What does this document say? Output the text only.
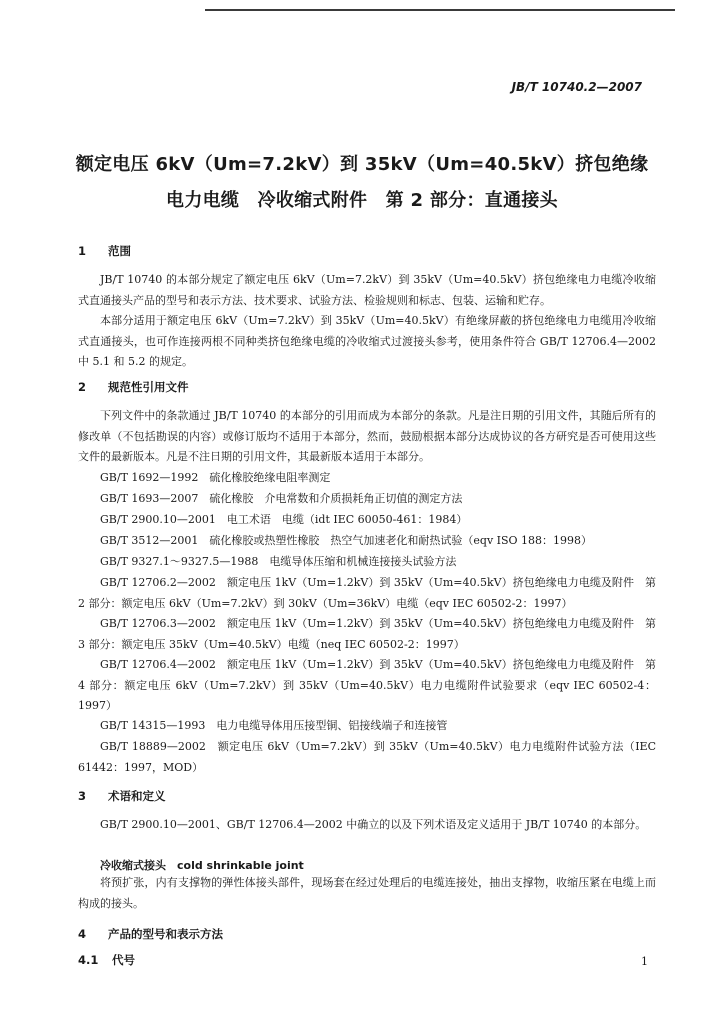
JB/T 10740.2—2007
额定电压 6kV（Um=7.2kV）到 35kV（Um=40.5kV）挤包绝缘
电力电缆　冷收缩式附件　第 2 部分：直通接头
1 范围
JB/T 10740 的本部分规定了额定电压 6kV（Um=7.2kV）到 35kV（Um=40.5kV）挤包绝缘电力电缆冷收缩式直通接头产品的型号和表示方法、技术要求、试验方法、检验规则和标志、包装、运输和贮存。
本部分适用于额定电压 6kV（Um=7.2kV）到 35kV（Um=40.5kV）有绝缘屏蔽的挤包绝缘电力电缆用冷收缩式直通接头，也可作连接两根不同种类挤包绝缘电缆的冷收缩式过渡接头参考，使用条件符合 GB/T 12706.4—2002 中 5.1 和 5.2 的规定。
2 规范性引用文件
下列文件中的条款通过 JB/T 10740 的本部分的引用而成为本部分的条款。凡是注日期的引用文件，其随后所有的修改单（不包括勘误的内容）或修订版均不适用于本部分，然而，鼓励根据本部分达成协议的各方研究是否可使用这些文件的最新版本。凡是不注日期的引用文件，其最新版本适用于本部分。
GB/T 1692—1992　硫化橡胶绝缘电阻率测定
GB/T 1693—2007　硫化橡胶　介电常数和介质损耗角正切值的测定方法
GB/T 2900.10—2001　电工术语　电缆（idt IEC 60050-461：1984）
GB/T 3512—2001　硫化橡胶或热塑性橡胶　热空气加速老化和耐热试验（eqv ISO 188：1998）
GB/T 9327.1～9327.5—1988　电缆导体压缩和机械连接接头试验方法
GB/T 12706.2—2002　额定电压 1kV（Um=1.2kV）到 35kV（Um=40.5kV）挤包绝缘电力电缆及附件　第 2 部分：额定电压 6kV（Um=7.2kV）到 30kV（Um=36kV）电缆（eqv IEC 60502-2：1997）
GB/T 12706.3—2002　额定电压 1kV（Um=1.2kV）到 35kV（Um=40.5kV）挤包绝缘电力电缆及附件　第 3 部分：额定电压 35kV（Um=40.5kV）电缆（neq IEC 60502-2：1997）
GB/T 12706.4—2002　额定电压 1kV（Um=1.2kV）到 35kV（Um=40.5kV）挤包绝缘电力电缆及附件　第 4 部分：额定电压 6kV（Um=7.2kV）到 35kV（Um=40.5kV）电力电缆附件试验要求（eqv IEC 60502-4：1997）
GB/T 14315—1993　电力电缆导体用压接型铜、铝接线端子和连接管
GB/T 18889—2002　额定电压 6kV（Um=7.2kV）到 35kV（Um=40.5kV）电力电缆附件试验方法（IEC 61442：1997，MOD）
3 术语和定义
GB/T 2900.10—2001、GB/T 12706.4—2002 中确立的以及下列术语及定义适用于 JB/T 10740 的本部分。
冷收缩式接头　 cold shrinkable joint
将预扩张，内有支撑物的弹性体接头部件，现场套在经过处理后的电缆连接处，抽出支撑物，收缩压紧在电缆上而构成的接头。
4 产品的型号和表示方法
4.1 代号	1
